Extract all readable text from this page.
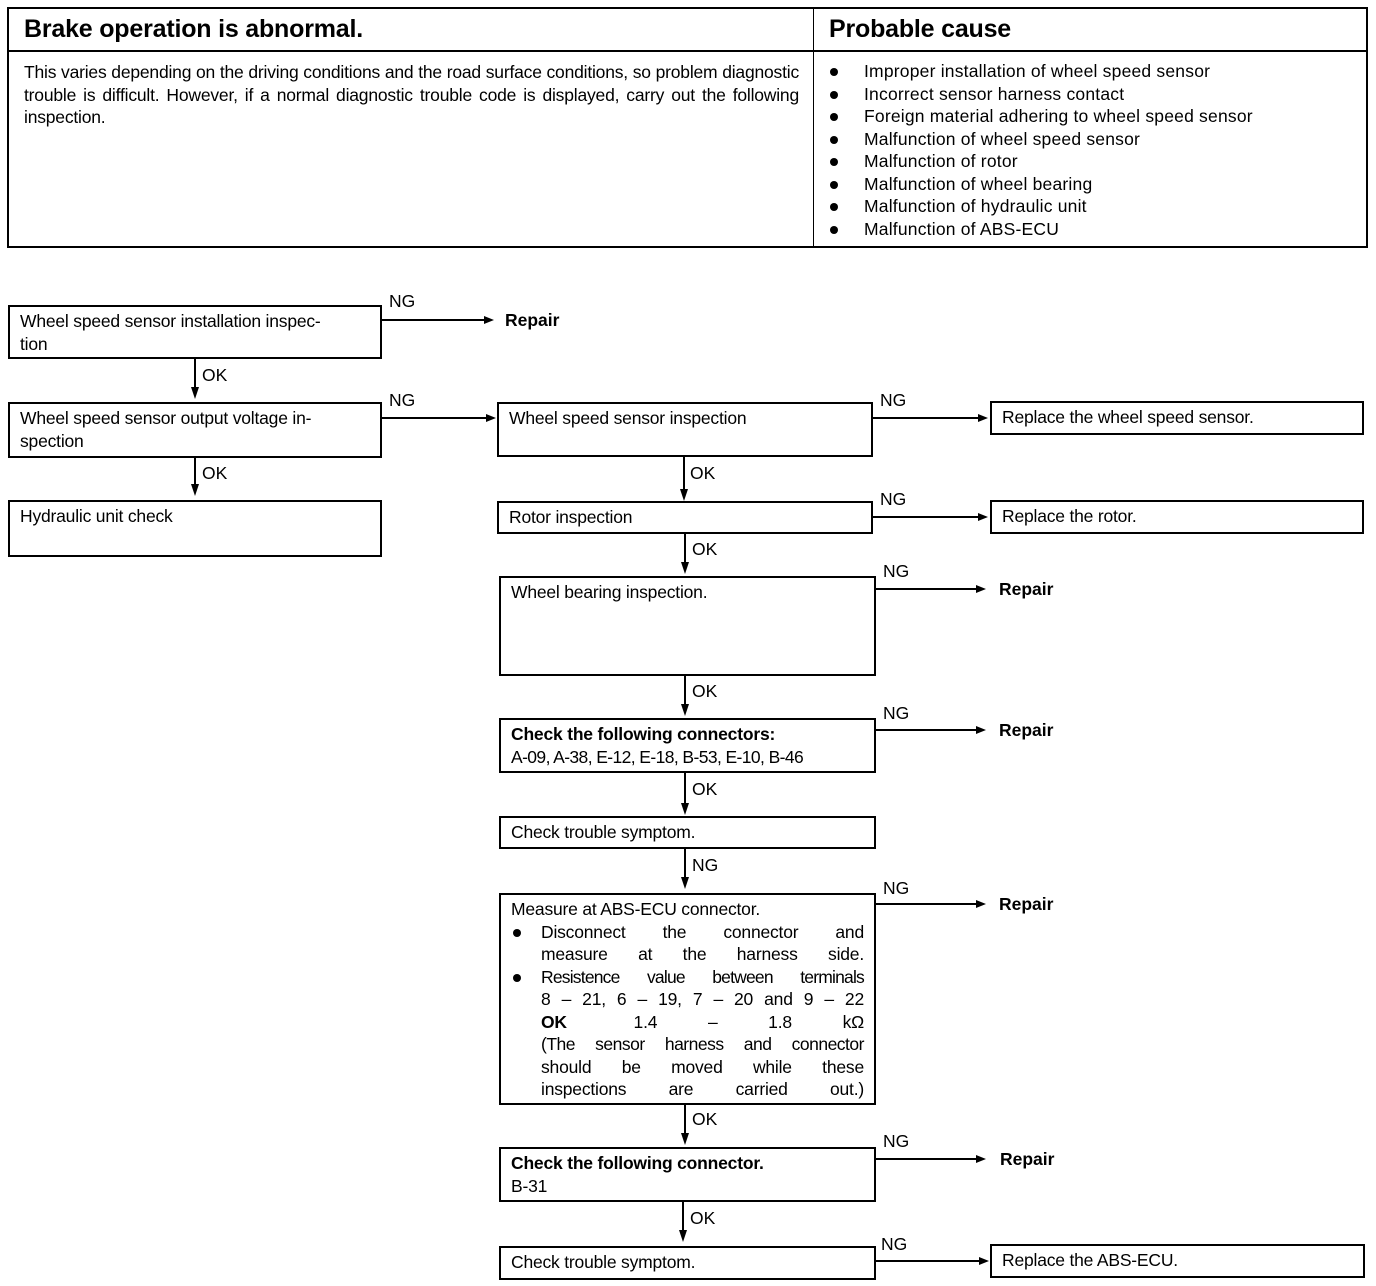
Brake operation is abnormal.	Probable cause
This varies depending on the driving conditions and the road surface conditions, so problem diagnostic trouble is difficult. However, if a normal diagnostic trouble code is displayed, carry out the following inspection.
Improper installation of wheel speed sensor
Incorrect sensor harness contact
Foreign material adhering to wheel speed sensor
Malfunction of wheel speed sensor
Malfunction of rotor
Malfunction of wheel bearing
Malfunction of hydraulic unit
Malfunction of ABS-ECU
Wheel speed sensor installation inspec-
tion
NG
Repair
OK
Wheel speed sensor output voltage in-
spection
NG
OK
Hydraulic unit check
Wheel speed sensor inspection
NG
Replace the wheel speed sensor.
OK
Rotor inspection
NG
Replace the rotor.
OK
Wheel bearing inspection.
NG
Repair
OK
Check the following connectors:
A-09, A-38, E-12, E-18, B-53, E-10, B-46
NG
Repair
OK
Check trouble symptom.
NG
Measure at ABS-ECU connector.
Disconnect the connector and
measure at the harness side.
Resistence value between terminals
8 – 21, 6 – 19, 7 – 20 and 9 – 22
OK	1.4 – 1.8 kΩ
(The sensor harness and connector
should be moved while these
inspections are carried out.)
NG
Repair
OK
Check the following connector.
B-31
NG
Repair
OK
Check trouble symptom.
NG
Replace the ABS-ECU.
